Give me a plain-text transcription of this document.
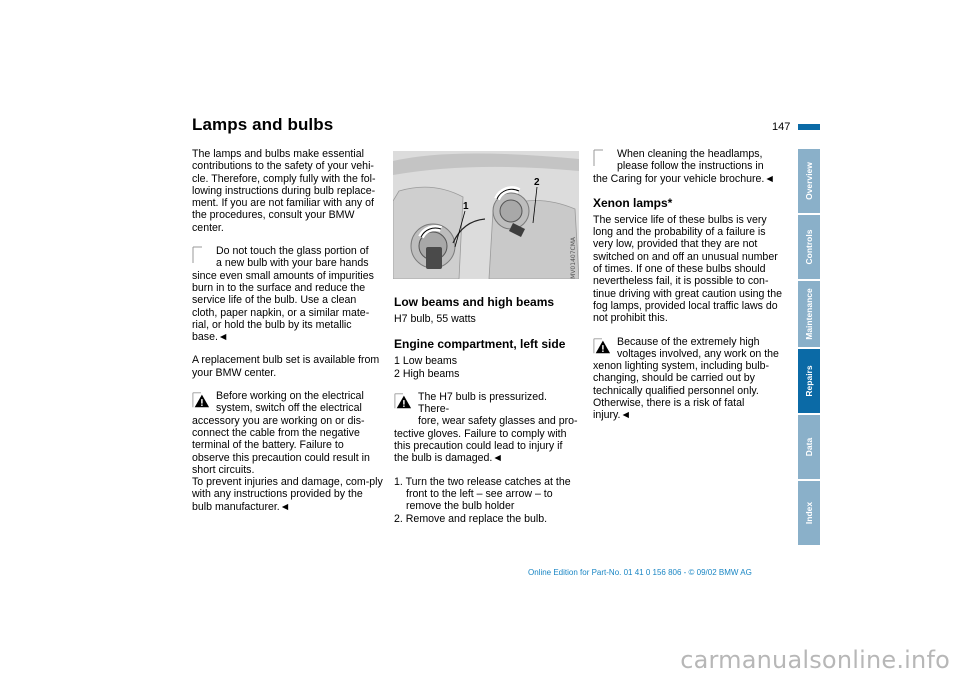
Lamps and bulbs	147

The lamps and bulbs make essential contributions to the safety of your vehi-cle. Therefore, comply fully with the fol-lowing instructions during bulb replace-ment. If you are not familiar with any of the procedures, consult your BMW center.

Do not touch the glass portion of
a new bulb with your bare hands
since even small amounts of impurities burn in to the surface and reduce the service life of the bulb. Use a clean cloth, paper napkin, or a similar mate-rial, or hold the bulb by its metallic base.◄

A replacement bulb set is available from your BMW center.

Before working on the electrical
system, switch off the electrical
accessory you are working on or dis-connect the cable from the negative terminal of the battery. Failure to observe this precaution could result in short circuits.
To prevent injuries and damage, com-ply with any instructions provided by the bulb manufacturer.◄
1
2
MV01407CMA
Low beams and high beams

H7 bulb, 55 watts

Engine compartment, left side
1 Low beams
2 High beams
The H7 bulb is pressurized. There-
fore, wear safety glasses and pro-
tective gloves. Failure to comply with this precaution could lead to injury if the bulb is damaged.◄
1. Turn the two release catches at the front to the left – see arrow – to remove the bulb holder
2. Remove and replace the bulb.
When cleaning the headlamps,
please follow the instructions in
the Caring for your vehicle brochure.◄
Xenon lamps*

The service life of these bulbs is very long and the probability of a failure is very low, provided that they are not switched on and off an unusual number of times. If one of these bulbs should nevertheless fail, it is possible to con-tinue driving with great caution using the fog lamps, provided local traffic laws do not prohibit this.

Because of the extremely high
voltages involved, any work on the
xenon lighting system, including bulb-changing, should be carried out by technically qualified personnel only. Otherwise, there is a risk of fatal injury.◄
Overview
Controls
Maintenance
Repairs
Data
Index
Online Edition for Part-No. 01 41 0 156 806 - © 09/02 BMW AG
carmanualsonline.info
